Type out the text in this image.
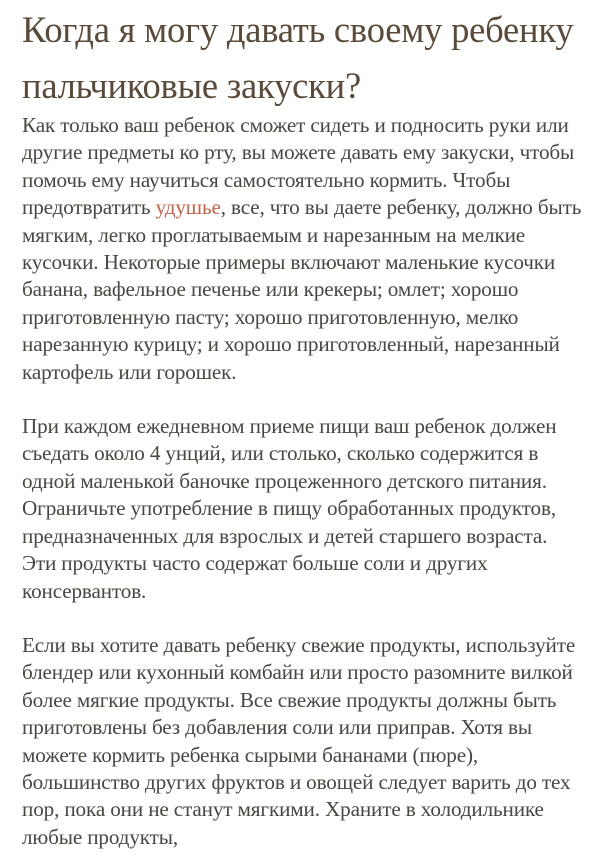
Когда я могу давать своему ребенку пальчиковые закуски?

Как только ваш ребенок сможет сидеть и подносить руки или другие предметы ко рту, вы можете давать ему закуски, чтобы помочь ему научиться самостоятельно кормить. Чтобы предотвратить удушье, все, что вы даете ребенку, должно быть мягким, легко проглатываемым и нарезанным на мелкие кусочки. Некоторые примеры включают маленькие кусочки банана, вафельное печенье или крекеры; омлет; хорошо приготовленную пасту; хорошо приготовленную, мелко нарезанную курицу; и хорошо приготовленный, нарезанный картофель или горошек.

При каждом ежедневном приеме пищи ваш ребенок должен съедать около 4 унций, или столько, сколько содержится в одной маленькой баночке процеженного детского питания. Ограничьте употребление в пищу обработанных продуктов, предназначенных для взрослых и детей старшего возраста. Эти продукты часто содержат больше соли и других консервантов.

Если вы хотите давать ребенку свежие продукты, используйте блендер или кухонный комбайн или просто разомните вилкой более мягкие продукты. Все свежие продукты должны быть приготовлены без добавления соли или приправ. Хотя вы можете кормить ребенка сырыми бананами (пюре), большинство других фруктов и овощей следует варить до тех пор, пока они не станут мягкими. Храните в холодильнике любые продукты,
